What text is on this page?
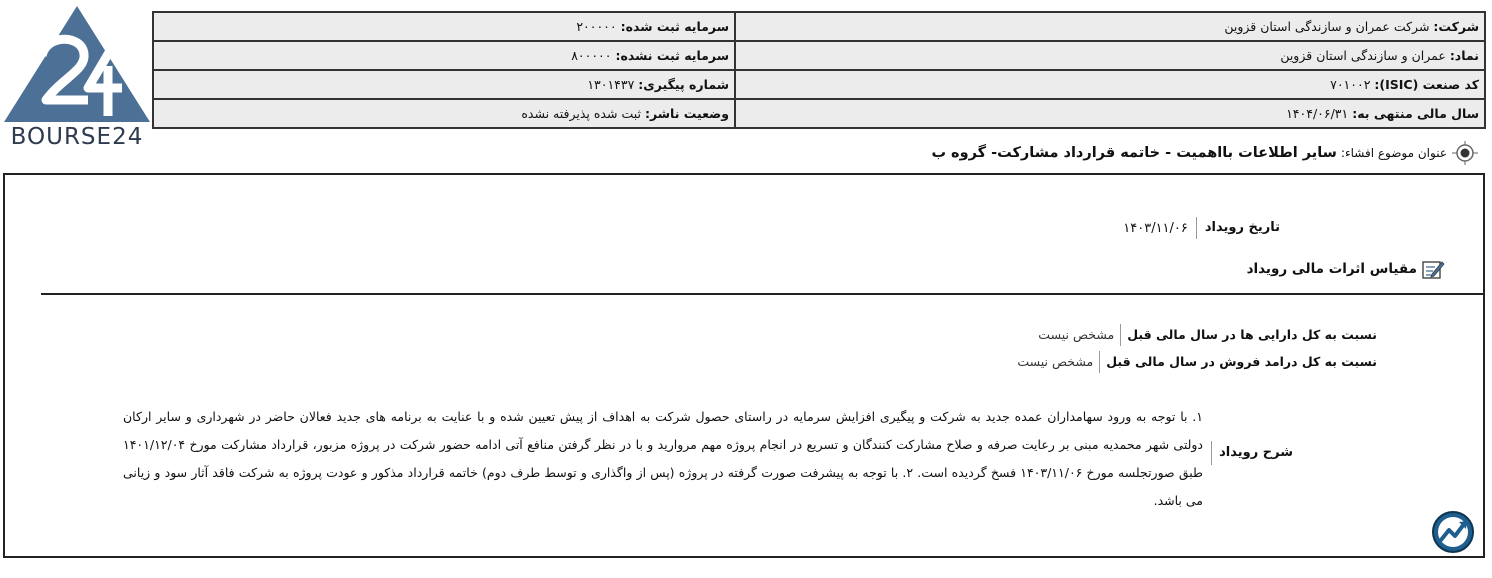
BOURSE24
شرکت: شرکت عمران و سازندگی استان قزوین	سرمایه ثبت شده: ۲۰۰۰۰۰
نماد: عمران و سازندگی استان قزوین	سرمایه ثبت نشده: ۸۰۰۰۰۰
کد صنعت (ISIC): ۷۰۱۰۰۲	شماره پیگیری: ۱۳۰۱۴۳۷
سال مالی منتهی به: ۱۴۰۴/۰۶/۳۱	وضعیت ناشر: ثبت شده پذیرفته نشده
عنوان موضوع افشاء:
سایر اطلاعات بااهمیت - خاتمه قرارداد مشارکت- گروه ب
تاریخ رویداد
۱۴۰۳/۱۱/۰۶
مقیاس اثرات مالی رویداد
نسبت به کل دارایی ها در سال مالی قبل
مشخص نیست
نسبت به کل درامد فروش در سال مالی قبل
مشخص نیست
شرح رویداد
۱. با توجه به ورود سهامداران عمده جدید به شرکت و پیگیری افزایش سرمایه در راستای حصول شرکت به اهداف از پیش تعیین شده و با عنایت به برنامه های جدید فعالان حاضر در شهرداری و سایر ارکان دولتی شهر محمدیه مبنی بر رعایت صرفه و صلاح مشارکت کنندگان و تسریع در انجام پروژه مهم مروارید و با در نظر گرفتن منافع آتی ادامه حضور شرکت در پروژه مزبور، قرارداد مشارکت مورخ ۱۴۰۱/۱۲/۰۴ طبق صورتجلسه مورخ ۱۴۰۳/۱۱/۰۶ فسخ گردیده است. ۲. با توجه به پیشرفت صورت گرفته در پروژه (پس از واگذاری و توسط طرف دوم) خاتمه قرارداد مذکور و عودت پروژه به شرکت فاقد آثار سود و زیانی می باشد.
